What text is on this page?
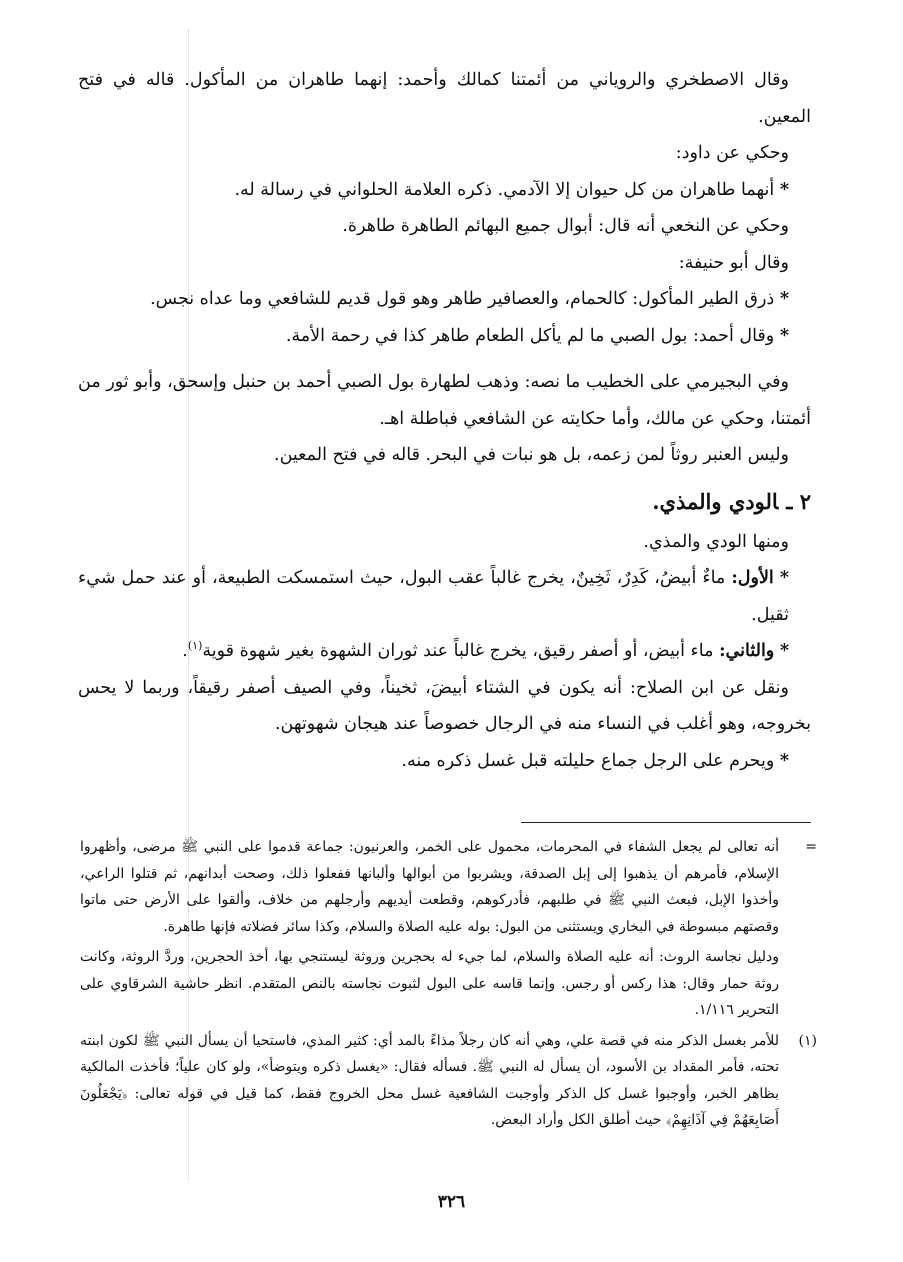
وقال الاصطخري والروياني من أئمتنا كمالك وأحمد: إنهما طاهران من المأكول. قاله في فتح المعين.

وحكي عن داود:

* أنهما طاهران من كل حيوان إلا الآدمي. ذكره العلامة الحلواني في رسالة له.

وحكي عن النخعي أنه قال: أبوال جميع البهائم الطاهرة طاهرة.

وقال أبو حنيفة:

* ذرق الطير المأكول: كالحمام، والعصافير طاهر وهو قول قديم للشافعي وما عداه نجس.

* وقال أحمد: بول الصبي ما لم يأكل الطعام طاهر كذا في رحمة الأمة.

وفي البجيرمي على الخطيب ما نصه: وذهب لطهارة بول الصبي أحمد بن حنبل وإسحق، وأبو ثور من أئمتنا، وحكي عن مالك، وأما حكايته عن الشافعي فباطلة اهـ.

وليس العنبر روثاً لمن زعمه، بل هو نبات في البحر. قاله في فتح المعين.

٢ ـالودي والمذي.

ومنها الودي والمذي.

* الأول: ماءٌ أبيضُ، كَدِرٌ، ثَخِينٌ، يخرج غالباً عقب البول، حيث استمسكت الطبيعة، أو عند حمل شيء ثقيل.

* والثاني: ماء أبيض، أو أصفر رقيق، يخرج غالباً عند ثوران الشهوة بغير شهوة قوية$^{(١)}$.

ونقل عن ابن الصلاح: أنه يكون في الشتاء أبيضَ، ثخيناً، وفي الصيف أصفر رقيقاً، وربما لا يحس بخروجه، وهو أغلب في النساء منه في الرجال خصوصاً عند هيجان شهوتهن.

* ويحرم على الرجل جماع حليلته قبل غسل ذكره منه.

=
أنه تعالى لم يجعل الشفاء في المحرمات، محمول على الخمر، والعرنيون: جماعة قدموا على النبي ﷺ مرضى، وأظهروا الإسلام، فأمرهم أن يذهبوا إلى إبل الصدقة، ويشربوا من أبوالها وألبانها ففعلوا ذلك، وصحت أبدانهم، ثم قتلوا الراعي، وأخذوا الإبل، فبعث النبي ﷺ في طلبهم، فأدركوهم، وقطعت أيديهم وأرجلهم من خلاف، وألقوا على الأرض حتى ماتوا وقصتهم مبسوطة في البخاري ويستثنى من البول: بوله عليه الصلاة والسلام، وكذا سائر فضلاته فإنها طاهرة.

ودليل نجاسة الروث: أنه عليه الصلاة والسلام، لما جيء له بحجرين وروثة ليستنجي بها، أخذ الحجرين، وردَّ الروثة، وكانت روثة حمار وقال: هذا ركس أو رجس. وإنما قاسه على البول لثبوت نجاسته بالنص المتقدم. انظر حاشية الشرقاوي على التحرير ١/١١٦.

(١)
للأمر بغسل الذكر منه في قصة علي، وهي أنه كان رجلاً مذاءً بالمد أي: كثير المذي، فاستحيا أن يسأل النبي ﷺ لكون ابنته تحته، فأمر المقداد بن الأسود، أن يسأل له النبي ﷺ. فسأله فقال: «يغسل ذكره ويتوضأ»، ولو كان علياً؛ فأخذت المالكية بظاهر الخبر، وأوجبوا غسل كل الذكر وأوجبت الشافعية غسل محل الخروج فقط، كما قيل في قوله تعالى: ﴿يَجْعَلُونَ أَصَابِعَهُمْ فِي آذَانِهِمْ﴾ حيث أطلق الكل وأراد البعض.

٣٢٦
